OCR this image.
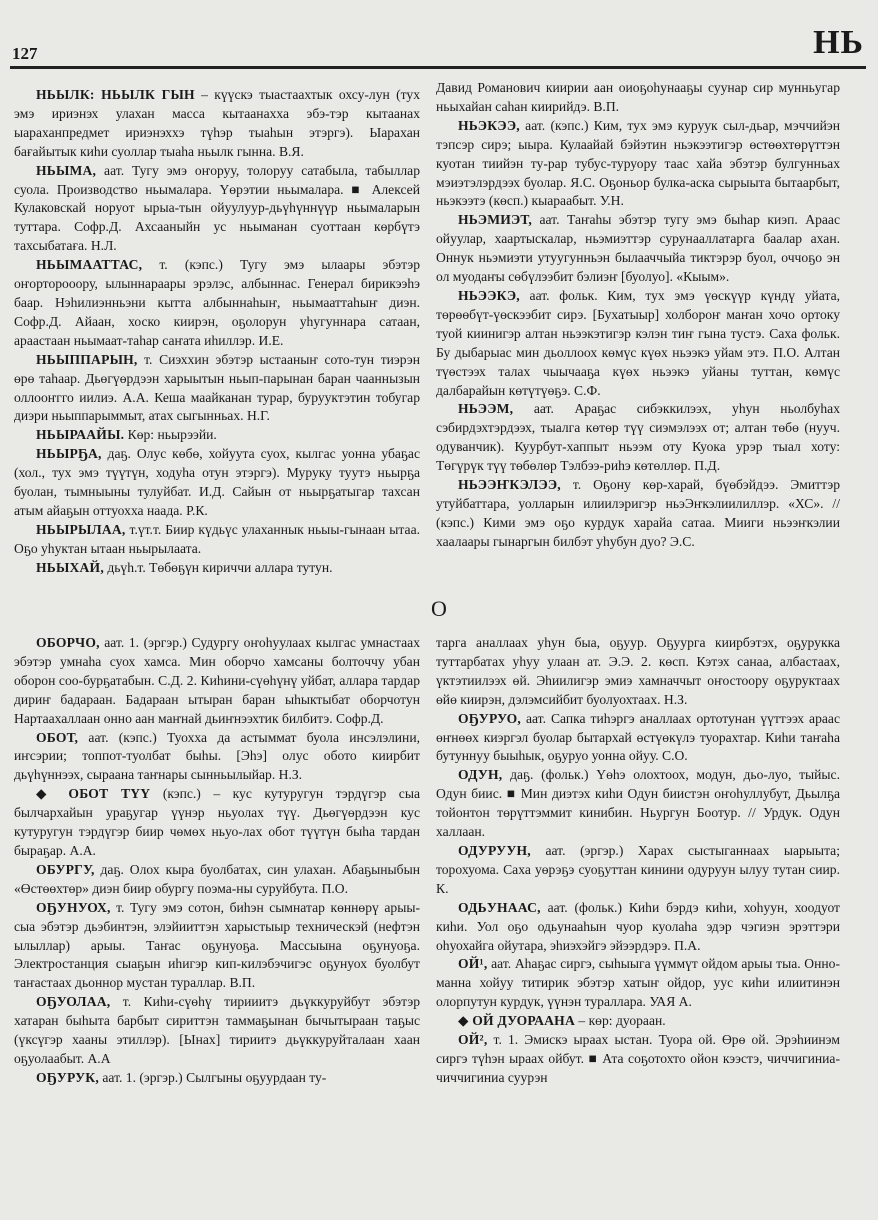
127	НЬ

НЬЫЛК: НЬЫЛК ГЫН – күүскэ тыастаахтык охсу-лун (тух эмэ ириэнэх улахан масса кытаанахха эбэ-тэр кытаанах ыараханпредмет ириэнэххэ түһэр тыаһын этэргэ). Ыарахан бағайытык киһи суоллар тыаһа ньылк гынна. В.Я.

НЬЫМА, аат. Тугу эмэ оҥоруу, толоруу сатабыла, табыллар суола. Производство ньымалара. Үөрэтии ньымалара. ■ Алексей Кулаковскай норуот ырыа-тын ойуулуур-дьүһүннүүр ньымаларын туттара. Софр.Д. Ахсааныйн ус ньыманан суоттаан көрбүтэ тахсыбатаға. Н.Л.

НЬЫМААТТАС, т. (кэпс.) Тугу эмэ ылаары эбэтэр оҥорторооору, ылыннараары эрэлэс, албыннас. Генерал бирикээһэ баар. Нэһилиэнньэни кытта албыннаһыҥ, ньымааттаһыҥ диэн. Софр.Д. Айаан, хоско киирэн, оҕолорун уһугуннара сатаан, араастаан ньымаат-таһар саҥата иһиллэр. И.Е.

НЬЫППАРЫН, т. Сиэххин эбэтэр ыстааныҥ сото-тун тиэрэн өрө таһаар. Дьөгүөрдээн харыытын ньып-парынан баран чааннызын оллооҥгго иилиэ. А.А. Кеша маайканан турар, бурууктэтин тобугар диэри ньыппарыммыт, атах сыгынньах. Н.Г.

НЬЫРААЙЫ. Көр: ньырээйи.

НЬЫРҔА, даҕ. Олус көбө, хойуута суох, кылгас уонна убаҕас (хол., тух эмэ түүтүн, ходуһа отун этэргэ). Муруку туутэ ньырҕа буолан, тымныыны тулуйбат. И.Д. Сайын от ньырҕатыгар тахсан атым айаҕын оттуохха наада. Р.К.

НЬЫРЫЛАА, т.үт.т. Биир күдьүс улаханнык ньыы-гынаан ытаа. Оҕо уһуктан ытаан ньырылаата.

НЬЫХАЙ, дьүһ.т. Төбөҕүн кириччи аллара тутун.

Давид Романович киирии аан оиоҕоһунааҕы суунар сир мунньугар ньыхайан саһан киирийдэ. В.П.

НЬЭКЭЭ, аат. (кэпс.) Ким, тух эмэ куруук сыл-дьар, мэччийэн тэпсэр сирэ; ыыра. Кулаайай бэйэтин ньэкээтигэр өстөөхтөрүттэн куотан тиийэн ту-рар тубус-туруору таас хайа эбэтэр булгунньах мэиэтэлэрдээх буолар. Я.С. Оҕоньор булка-аска сырыыта бытаарбыт, ньэкээтэ (көсп.) кыараабыт. У.Н.

НЬЭМИЭТ, аат. Таҥаһы эбэтэр тугу эмэ быһар киэп. Араас ойуулар, хаартыскалар, ньэмиэттэр сурунааллатарга баалар ахан. Оннук ньэмиэти утуугунньэн былааччыйа тиктэрэр буол, оччоҕо эн ол муодаҥы сөбүлээбит бэлиэҥ [буолуо]. «Кыым».

НЬЭЭКЭ, аат. фольк. Ким, тух эмэ үөскүүр күндү уйата, төрөөбүт-үөскээбит сирэ. [Бухатыыр] холбороҥ маҥан хочо ортоку туой киинигэр алтан ньээкэтигэр кэлэн тиҥ гына тустэ. Саха фольк. Бу дыбарыас мин дьоллоох көмүс күөх ньээкэ уйам этэ. П.О. Алтан түөстээх талах чыычааҕа күөх ньээкэ уйаны туттан, көмүс далбарайын көтүтүөҕэ. С.Ф.

НЬЭЭМ, аат. Араҕас сибэккилээх, уһун ньолбуһах сэбирдэхтэрдээх, тыалга көтөр түү сиэмэлээх от; алтан төбө (нууч. одуванчик). Куурбут-хаппыт ньээм оту Куока урэр тыал хоту: Төгүрүк түү төбөлөр Тэлбээ-риһэ көтөллөр. П.Д.

НЬЭЭҤКЭЛЭЭ, т. Оҕону көр-харай, бүөбэйдээ. Эмиттэр утуйбаттара, уолларын илиилэригэр ньэЭҥкэлиилиллэр. «ХС». // (кэпс.) Кими эмэ оҕо курдук харайа сатаа. Мииги ньээҥкэлии хаалаары гынаргын билбэт уһубун дуо? Э.С.

О

ОБОРЧО, аат. 1. (эргэр.) Судургу оҥоһуулаах кылгас умнастаах эбэтэр умнаһа суох хамса. Мин оборчо хамсаны болточчу убан оборон соо-бурҕатабын. С.Д. 2. Киһини-сүөһүнү уйбат, аллара тардар дириҥ бадараан. Бадараан ытыран баран ыһыктыбат оборчотун Нартаахаллаан онно аан маҥнай дьиҥнээхтик билбитэ. Софр.Д.

ОБОТ, аат. (кэпс.) Туохха да астыммат буола инсэлэлини, иҥсэрии; топпот-туолбат быһы. [Эһэ] олус обото киирбит дьүһүннээх, сыраана таҥнары сынньылыйар. Н.З.

◆ ОБОТ ТҮҮ (кэпс.) – кус кутуругун тэрдүгэр сыа былчархайын ураҕугар үүнэр ньуолах түү. Дьөгүөрдээн кус кутуругун тэрдүгэр биир чөмөх ньуо-лах обот түүтүн быһа тардан быраҕар. А.А.

ОБУРГУ, даҕ. Олох кыра буолбатах, син улахан. Абаҕыныбын «Өстөөхтөр» диэн биир обургу поэма-ны суруйбута. П.О.

ОҔУНУОХ, т. Тугу эмэ сотон, биһэн сымнатар көннөрү арыы-сыа эбэтэр дьэбинтэн, элэйииттэн харыстыыр техническэй (нефтэн ылыллар) арыы. Таҥас оҕунуоҕа. Массыына оҕунуоҕа. Электростанция сыаҕын иһигэр кип-килэбэчигэс оҕунуох буолбут таҥастаах дьоннор мустан тураллар. В.П.

ОҔУОЛАА, т. Киһи-сүөһү тирииитэ дьүккуруйбут эбэтэр хатаран быһыта барбыт сириттэн таммаҕынан бычытыраан таҕыс (үксүгэр хааны этиллэр). [Ынах] тириитэ дьүккуруйталаан хаан оҕуолаабыт. А.А

ОҔУРУК, аат. 1. (эргэр.) Сылгыны оҕуурдаан ту-

тарга аналлаах уһун быа, оҕуур. Оҕуурга киирбэтэх, оҕурукка туттарбатах уһуу улаан ат. Э.Э. 2. көсп. Кэтэх санаа, албастаах, үктэтиилээх өй. Эһиилигэр эмиэ хамначчыт оҥостоору оҕуруктаах өйө киирэн, дэлэмсийбит буолуохтаах. Н.З.

ОҔУРУО, аат. Сапка тиһэргэ аналлаах ортотунан үүттээх араас өҥнөөх киэргэл буолар бытархай өстүөкүлэ туорахтар. Киһи таҥаһа бутуннуу быыһык, оҕуруо уонна ойуу. С.О.

ОДУН, даҕ. (фольк.) Үөһэ олохтоох, модун, дьо-луо, тыйыс. Одун биис. ■ Мин диэтэх киһи Одун биистэн оҥоһуллубут, Дьылҕа тойонтон төрүттэммит кинибин. Ньургун Боотур. // Урдук. Одун халлаан.

ОДУРУУН, аат. (эргэр.) Харах сыстыганнаах ыарыыта; торохуома. Саха уөрэҕэ суоҕуттан кинини одуруун ылуу тутан сиир. К.

ОДЬУНААС, аат. (фольк.) Киһи бэрдэ киһи, хоһуун, хоодуот киһи. Уол оҕо одьунааһын чуор куолаһа эдэр чэгиэн эрэттэри оһуохайга ойутара, эһиэхэйгэ эйээрдэрэ. П.А.

ОЙ¹, аат. Аһаҕас сиргэ, сыһыыга үүммүт ойдом арыы тыа. Онно-манна хойуу титирик эбэтэр хатыҥ ойдор, уус киһи илиитинэн олорпутун курдук, үүнэн тураллара. УАЯ А.

◆ ОЙ ДУОРААНА – көр: дуораан.

ОЙ², т. 1. Эмискэ ыраах ыстан. Туора ой. Өрө ой. Эрэһиинэм сиргэ түһэн ыраах ойбут. ■ Ата соҕотохто ойон кээстэ, чиччигиниа-чиччигиниа суурэн
